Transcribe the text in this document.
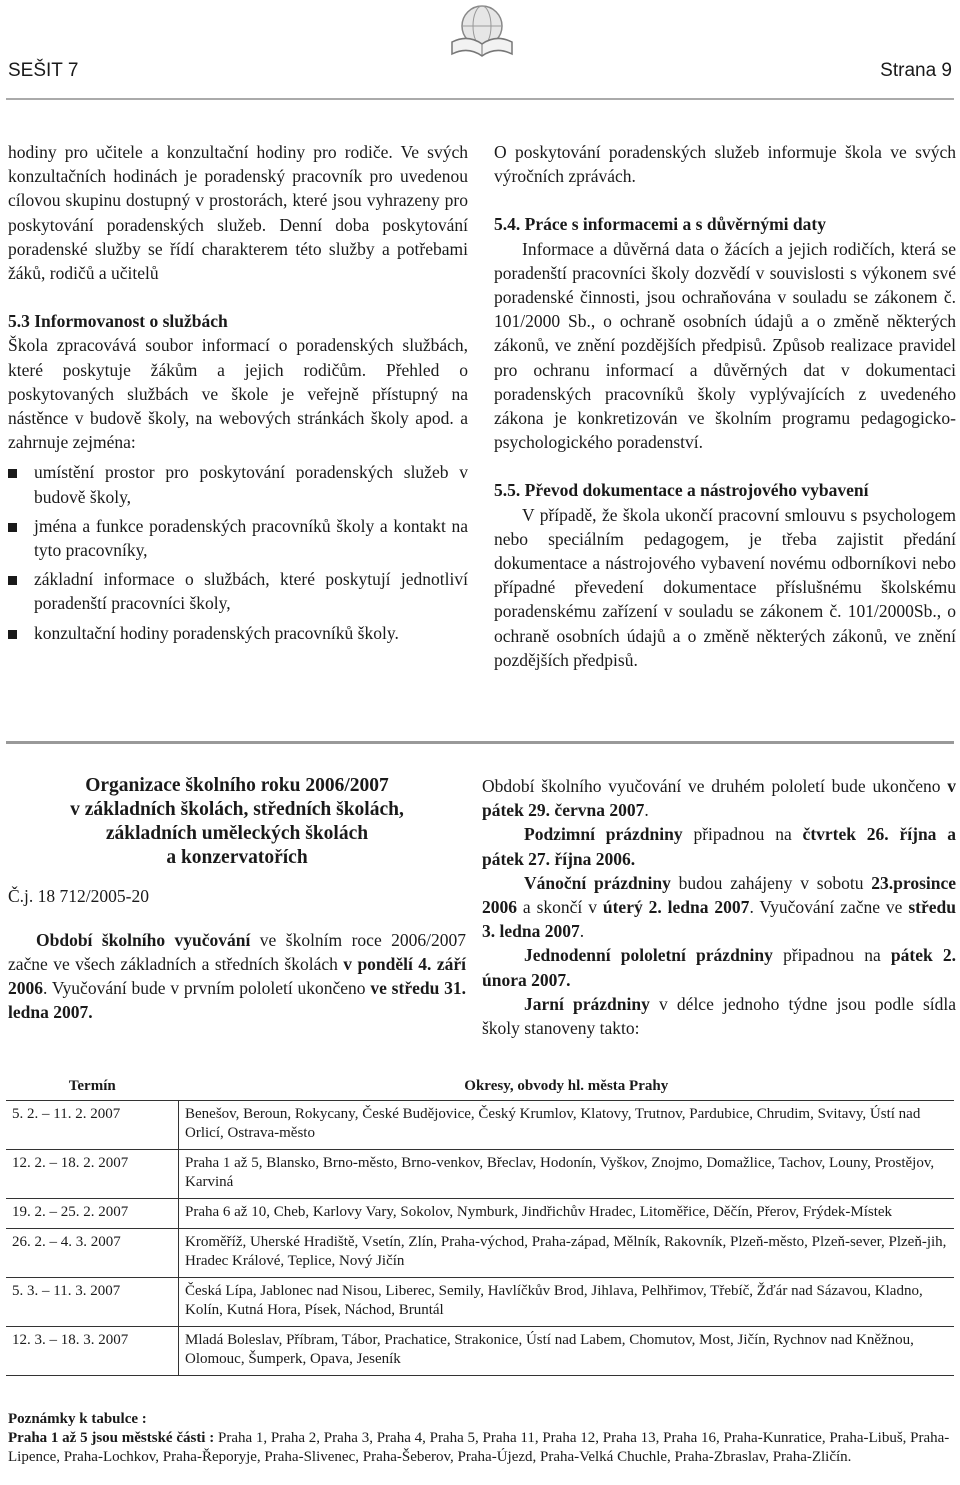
SEŠIT 7	Strana 9

hodiny pro učitele a konzultační hodiny pro rodiče. Ve svých konzultačních hodinách je poradenský pracovník pro uvedenou cílovou skupinu dostupný v prostorách, které jsou vyhrazeny pro poskytování poradenských služeb. Denní doba poskytování poradenské služby se řídí charakterem této služby a potřebami žáků, rodičů a učitelů

5.3 Informovanost o službách

Škola zpracovává soubor informací o poradenských službách, které poskytuje žákům a jejich rodičům. Přehled o poskytovaných službách ve škole je veřejně přístupný na nástěnce v budově školy, na webových stránkách školy apod. a zahrnuje zejména:

umístění prostor pro poskytování poradenských služeb v budově školy,
jména a funkce poradenských pracovníků školy a kontakt na tyto pracovníky,
základní informace o službách, které poskytují jednotliví poradenští pracovníci školy,
konzultační hodiny poradenských pracovníků školy.

O poskytování poradenských služeb informuje škola ve svých výročních zprávách.

5.4. Práce s informacemi a s důvěrnými daty

Informace a důvěrná data o žácích a jejich rodičích, která se poradenští pracovníci školy dozvědí v souvislosti s výkonem své poradenské činnosti, jsou ochraňována v souladu se zákonem č. 101/2000 Sb., o ochraně osobních údajů a o změně některých zákonů, ve znění pozdějších předpisů. Způsob realizace pravidel pro ochranu informací a důvěrných dat v dokumentaci poradenských pracovníků školy vyplývajících z uvedeného zákona je konkretizován ve školním programu pedagogicko-psychologického poradenství.

5.5. Převod dokumentace a nástrojového vybavení

V případě, že škola ukončí pracovní smlouvu s psychologem nebo speciálním pedagogem, je třeba zajistit předání dokumentace a nástrojového vybavení novému odborníkovi nebo případné převedení dokumentace příslušnému školskému poradenskému zařízení v souladu se zákonem č. 101/2000Sb., o ochraně osobních údajů a o změně některých zákonů, ve znění pozdějších předpisů.

Organizace školního roku 2006/2007
v základních školách, středních školách,
základních uměleckých školách
a konzervatořích

Č.j. 18 712/2005-20

Období školního vyučování ve školním roce 2006/2007 začne ve všech základních a středních školách v pondělí 4. září 2006. Vyučování bude v prvním pololetí ukončeno ve středu 31. ledna 2007.

Období školního vyučování ve druhém pololetí bude ukončeno v pátek 29. června 2007.

Podzimní prázdniny připadnou na čtvrtek 26. října a pátek 27. října 2006.

Vánoční prázdniny budou zahájeny v sobotu 23.prosince 2006 a skončí v úterý 2. ledna 2007. Vyučování začne ve středu 3. ledna 2007.

Jednodenní pololetní prázdniny připadnou na pátek 2. února 2007.

Jarní prázdniny v délce jednoho týdne jsou podle sídla školy stanoveny takto:

Termín	Okresy, obvody hl. města Prahy
5. 2. – 11. 2. 2007	Benešov, Beroun, Rokycany, České Budějovice, Český Krumlov, Klatovy, Trutnov, Pardubice, Chrudim, Svitavy, Ústí nad Orlicí, Ostrava-město
12. 2. – 18. 2. 2007	Praha 1 až 5, Blansko, Brno-město, Brno-venkov, Břeclav, Hodonín, Vyškov, Znojmo, Domažlice, Tachov, Louny, Prostějov, Karviná
19. 2. – 25. 2. 2007	Praha 6 až 10, Cheb, Karlovy Vary, Sokolov, Nymburk, Jindřichův Hradec, Litoměřice, Děčín, Přerov, Frýdek-Místek
26. 2. – 4. 3. 2007	Kroměříž, Uherské Hradiště, Vsetín, Zlín, Praha-východ, Praha-západ, Mělník, Rakovník, Plzeň-město, Plzeň-sever, Plzeň-jih, Hradec Králové, Teplice, Nový Jičín
5. 3. – 11. 3. 2007	Česká Lípa, Jablonec nad Nisou, Liberec, Semily, Havlíčkův Brod, Jihlava, Pelhřimov, Třebíč, Žďár nad Sázavou, Kladno, Kolín, Kutná Hora, Písek, Náchod, Bruntál
12. 3. – 18. 3. 2007	Mladá Boleslav, Příbram, Tábor, Prachatice, Strakonice, Ústí nad Labem, Chomutov, Most, Jičín, Rychnov nad Kněžnou, Olomouc, Šumperk, Opava, Jeseník

Poznámky k tabulce :

Praha 1 až 5 jsou městské části : Praha 1, Praha 2, Praha 3, Praha 4, Praha 5, Praha 11, Praha 12, Praha 13, Praha 16, Praha-Kunratice, Praha-Libuš, Praha-Lipence, Praha-Lochkov, Praha-Řeporyje, Praha-Slivenec, Praha-Šeberov, Praha-Újezd, Praha-Velká Chuchle, Praha-Zbraslav, Praha-Zličín.
